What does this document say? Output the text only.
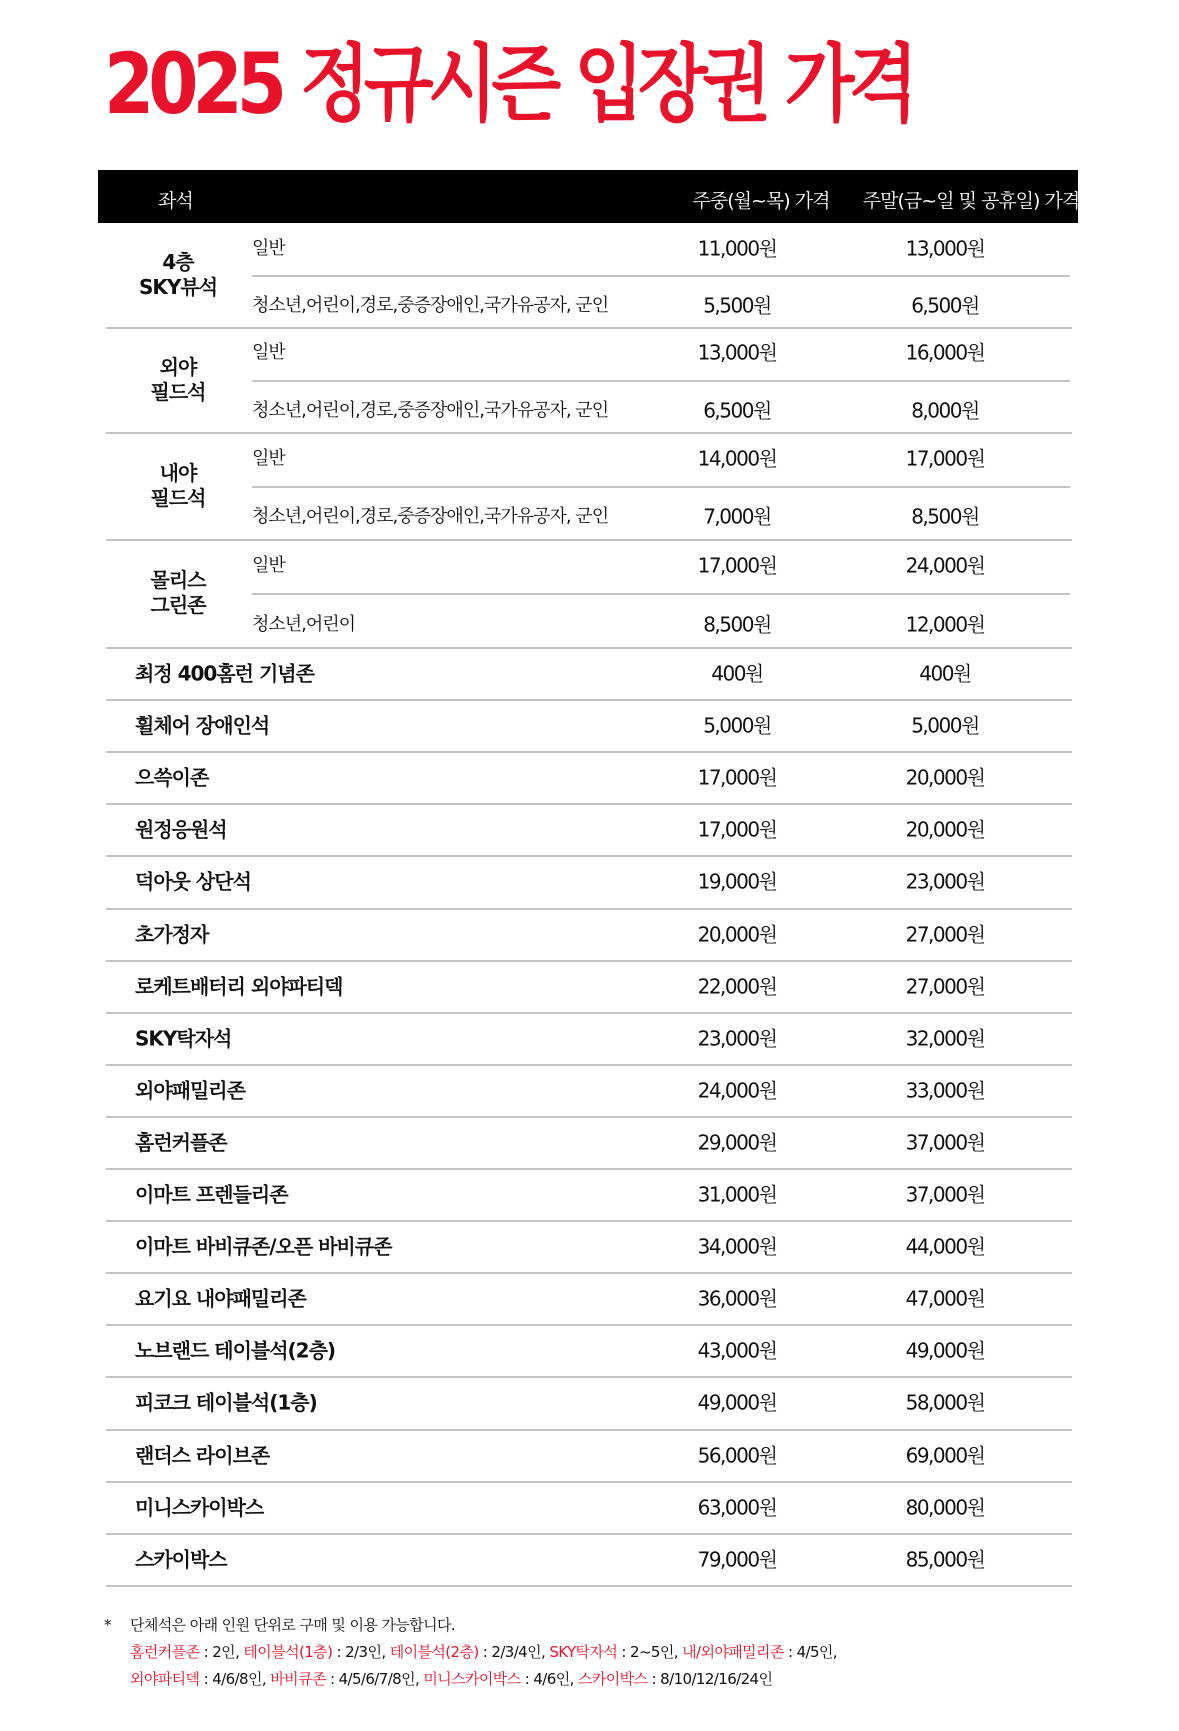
2025 정규시즌 입장권 가격
좌석	주중(월~목) 가격	주말(금~일 및 공휴일) 가격
4층
SKY뷰석
일반	11,000원	13,000원
청소년,어린이,경로,중증장애인,국가유공자, 군인	5,500원	6,500원
외야
필드석
일반	13,000원	16,000원
청소년,어린이,경로,중증장애인,국가유공자, 군인	6,500원	8,000원
내야
필드석
일반	14,000원	17,000원
청소년,어린이,경로,중증장애인,국가유공자, 군인	7,000원	8,500원
몰리스
그린존
일반	17,000원	24,000원
청소년,어린이	8,500원	12,000원
최정 400홈런 기념존	400원	400원
휠체어 장애인석	5,000원	5,000원
으쓱이존	17,000원	20,000원
원정응원석	17,000원	20,000원
덕아웃 상단석	19,000원	23,000원
초가정자	20,000원	27,000원
로케트배터리 외야파티덱	22,000원	27,000원
SKY탁자석	23,000원	32,000원
외야패밀리존	24,000원	33,000원
홈런커플존	29,000원	37,000원
이마트 프렌들리존	31,000원	37,000원
이마트 바비큐존/오픈 바비큐존	34,000원	44,000원
요기요 내야패밀리존	36,000원	47,000원
노브랜드 테이블석(2층)	43,000원	49,000원
피코크 테이블석(1층)	49,000원	58,000원
랜더스 라이브존	56,000원	69,000원
미니스카이박스	63,000원	80,000원
스카이박스	79,000원	85,000원
*	단체석은 아래 인원 단위로 구매 및 이용 가능합니다.
홈런커플존 : 2인, 테이블석(1층) : 2/3인, 테이블석(2층) : 2/3/4인, SKY탁자석 : 2~5인, 내/외야패밀리존 : 4/5인,
외야파티덱 : 4/6/8인, 바비큐존 : 4/5/6/7/8인, 미니스카이박스 : 4/6인, 스카이박스 : 8/10/12/16/24인
